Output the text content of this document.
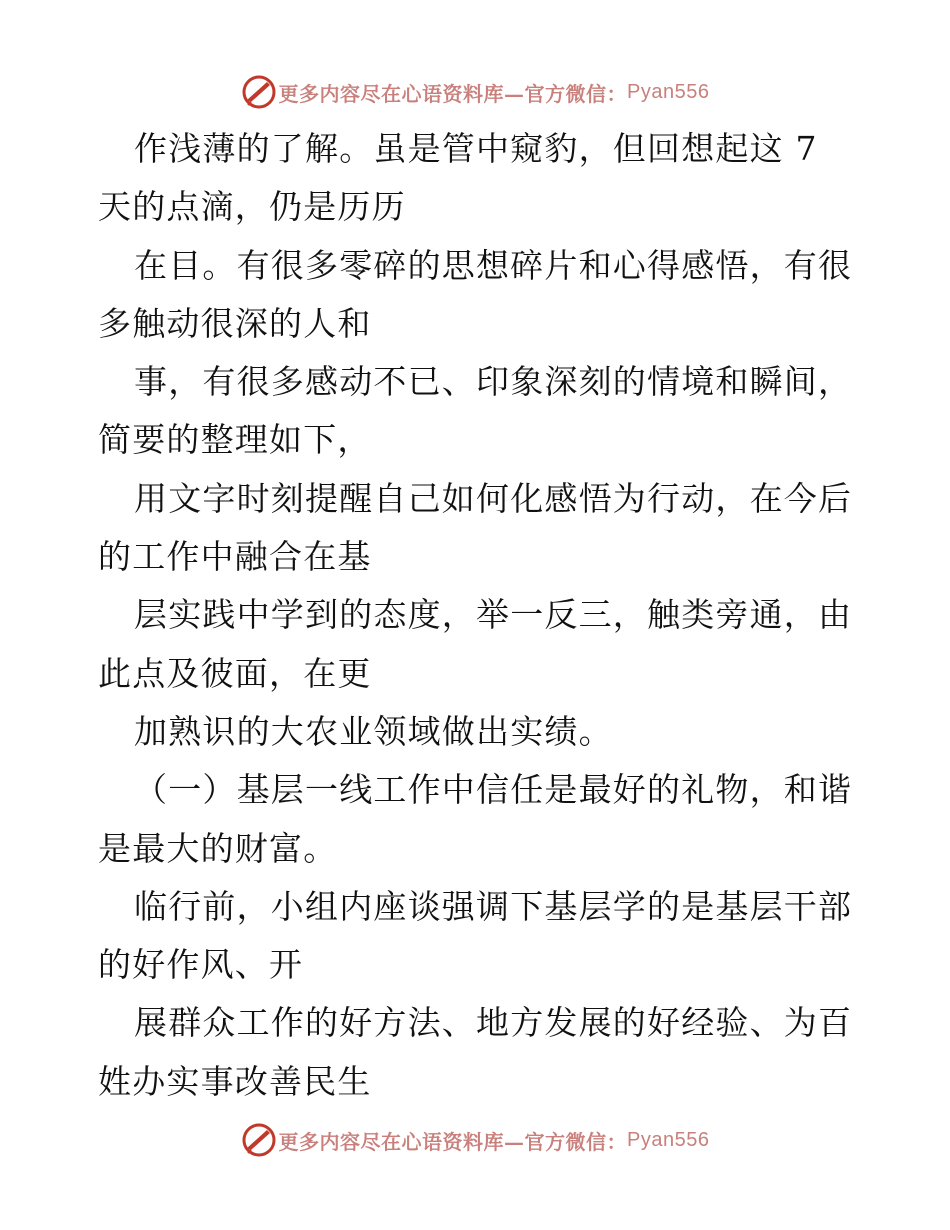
更多内容尽在心语资料库—官方微信： Pyan556
作浅薄的了解。虽是管中窥豹，但回想起这 7
天的点滴，仍是历历
在目。有很多零碎的思想碎片和心得感悟，有很
多触动很深的人和
事，有很多感动不已、印象深刻的情境和瞬间，
简要的整理如下，
用文字时刻提醒自己如何化感悟为行动，在今后
的工作中融合在基
层实践中学到的态度，举一反三，触类旁通，由
此点及彼面，在更
加熟识的大农业领域做出实绩。
（一）基层一线工作中信任是最好的礼物，和谐
是最大的财富。
临行前，小组内座谈强调下基层学的是基层干部
的好作风、开
展群众工作的好方法、地方发展的好经验、为百
姓办实事改善民生
更多内容尽在心语资料库—官方微信： Pyan556
